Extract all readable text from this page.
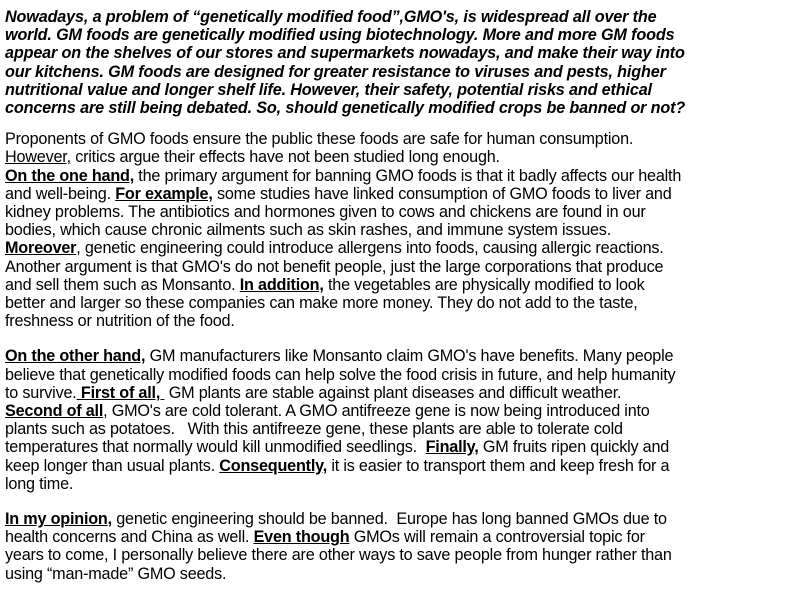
Nowadays, a problem of “genetically modified food”,GMO's, is widespread all over the
world. GM foods are genetically modified using biotechnology. More and more GM foods
appear on the shelves of our stores and supermarkets nowadays, and make their way into
our kitchens. GM foods are designed for greater resistance to viruses and pests, higher
nutritional value and longer shelf life. However, their safety, potential risks and ethical
concerns are still being debated. So, should genetically modified crops be banned or not?
Proponents of GMO foods ensure the public these foods are safe for human consumption.
However, critics argue their effects have not been studied long enough.
On the one hand, the primary argument for banning GMO foods is that it badly affects our health
and well-being. For example, some studies have linked consumption of GMO foods to liver and
kidney problems. The antibiotics and hormones given to cows and chickens are found in our
bodies, which cause chronic ailments such as skin rashes, and immune system issues.
Moreover, genetic engineering could introduce allergens into foods, causing allergic reactions.
Another argument is that GMO's do not benefit people, just the large corporations that produce
and sell them such as Monsanto. In addition, the vegetables are physically modified to look
better and larger so these companies can make more money. They do not add to the taste,
freshness or nutrition of the food.
On the other hand, GM manufacturers like Monsanto claim GMO's have benefits. Many people
believe that genetically modified foods can help solve the food crisis in future, and help humanity
to survive. First of all,  GM plants are stable against plant diseases and difficult weather.
Second of all, GMO's are cold tolerant. A GMO antifreeze gene is now being introduced into
plants such as potatoes.   With this antifreeze gene, these plants are able to tolerate cold
temperatures that normally would kill unmodified seedlings.  Finally, GM fruits ripen quickly and
keep longer than usual plants. Consequently, it is easier to transport them and keep fresh for a
long time.
In my opinion, genetic engineering should be banned.  Europe has long banned GMOs due to
health concerns and China as well. Even though GMOs will remain a controversial topic for
years to come, I personally believe there are other ways to save people from hunger rather than
using “man-made” GMO seeds.
